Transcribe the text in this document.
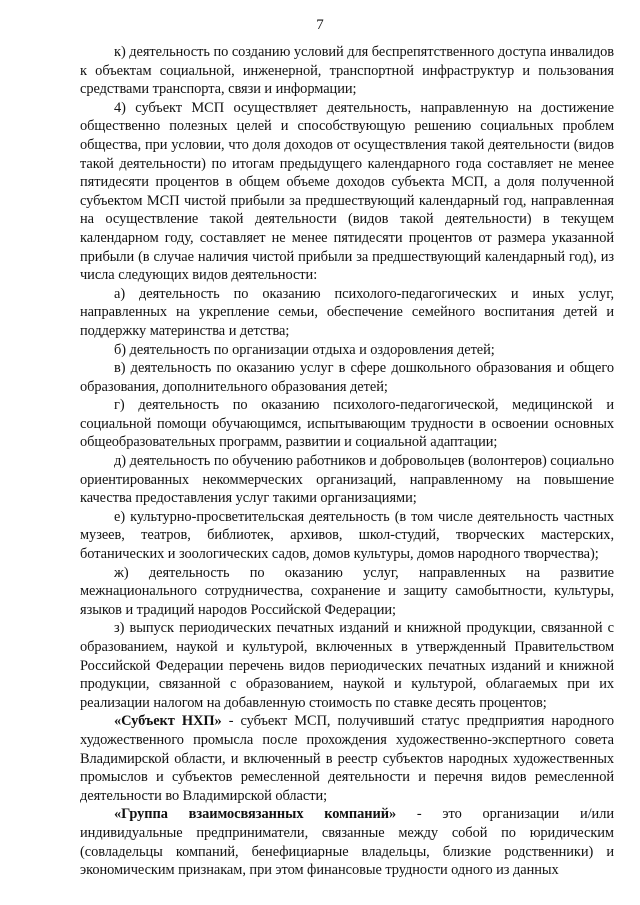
7

к) деятельность по созданию условий для беспрепятственного доступа инвалидов к объектам социальной, инженерной, транспортной инфраструктур и пользования средствами транспорта, связи и информации;

4) субъект МСП осуществляет деятельность, направленную на достижение общественно полезных целей и способствующую решению социальных проблем общества, при условии, что доля доходов от осуществления такой деятельности (видов такой деятельности) по итогам предыдущего календарного года составляет не менее пятидесяти процентов в общем объеме доходов субъекта МСП, а доля полученной субъектом МСП чистой прибыли за предшествующий календарный год, направленная на осуществление такой деятельности (видов такой деятельности) в текущем календарном году, составляет не менее пятидесяти процентов от размера указанной прибыли (в случае наличия чистой прибыли за предшествующий календарный год), из числа следующих видов деятельности:

а) деятельность по оказанию психолого-педагогических и иных услуг, направленных на укрепление семьи, обеспечение семейного воспитания детей и поддержку материнства и детства;

б) деятельность по организации отдыха и оздоровления детей;

в) деятельность по оказанию услуг в сфере дошкольного образования и общего образования, дополнительного образования детей;

г) деятельность по оказанию психолого-педагогической, медицинской и социальной помощи обучающимся, испытывающим трудности в освоении основных общеобразовательных программ, развитии и социальной адаптации;

д) деятельность по обучению работников и добровольцев (волонтеров) социально ориентированных некоммерческих организаций, направленному на повышение качества предоставления услуг такими организациями;

е) культурно-просветительская деятельность (в том числе деятельность частных музеев, театров, библиотек, архивов, школ-студий, творческих мастерских, ботанических и зоологических садов, домов культуры, домов народного творчества);

ж) деятельность по оказанию услуг, направленных на развитие межнационального сотрудничества, сохранение и защиту самобытности, культуры, языков и традиций народов Российской Федерации;

з) выпуск периодических печатных изданий и книжной продукции, связанной с образованием, наукой и культурой, включенных в утвержденный Правительством Российской Федерации перечень видов периодических печатных изданий и книжной продукции, связанной с образованием, наукой и культурой, облагаемых при их реализации налогом на добавленную стоимость по ставке десять процентов;

«Субъект НХП» - субъект МСП, получивший статус предприятия народного художественного промысла после прохождения художественно-экспертного совета Владимирской области, и включенный в реестр субъектов народных художественных промыслов и субъектов ремесленной деятельности и перечня видов ремесленной деятельности во Владимирской области;

«Группа взаимосвязанных компаний» - это организации и/или индивидуальные предприниматели, связанные между собой по юридическим (совладельцы компаний, бенефициарные владельцы, близкие родственники) и экономическим признакам, при этом финансовые трудности одного из данных
